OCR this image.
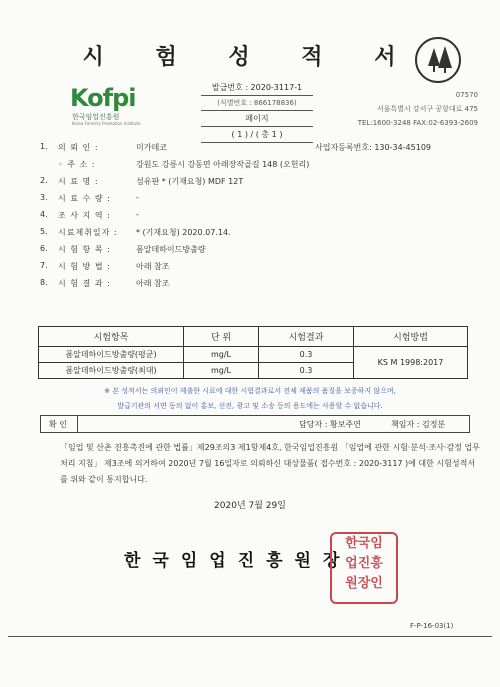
시 험 성 적 서
Kofpi
한국임업진흥원
Korea Forestry Promotion Institute
발급번호 : 2020-3117-1
(식별번호 : 866178836)
페이지
( 1 ) / ( 총 1 )
07570
서울특별시 강서구 공항대로 475
TEL:1600-3248 FAX:02-6393-2609
1.	의 뢰 인 :	미가데코	사업자등록번호: 130-34-45109
◦ 주 소 :	강원도 강릉시 강동면 아래장작골길 148 (오헌리)
2.	시 료 명 :	섬유판 * (기재요청) MDF 12T
3.	시 료 수 량 :	-
4.	조 사 지 역 :	-
5.	시료제취일자 :	* (기재요청) 2020.07.14.
6.	시 험 항 목 :	폼알데하이드방출량
7.	시 험 방 법 :	아래 참조
8.	시 험 결 과 :	아래 참조
시험항목	단 위	시험결과	시험방법
폼알데하이드방출량(평균)	mg/L	0.3	KS M 1998:2017
폼알데하이드방출량(최대)	mg/L	0.3	
※ 본 성적서는 의뢰인이 제출한 시료에 대한 시험결과로서 전체 제품의 품질을 보증하지 않으며,
발급기관의 서면 동의 없이 홍보, 선전, 광고 및 소송 등의 용도에는 사용할 수 없습니다.
확 인	담당자 : 황보주연	책임자 : 김정분
「임업 및 산촌 진흥촉진에 관한 법률」제29조의3 제1항제4호, 한국임업진흥원 「임업에 관한 시험·분석·조사·감정 업무처리 지침」 제3조에 의거하여 2020년 7월 16일자로 의뢰하신 대상물품( 접수번호 : 2020-3117 )에 대한 시험성적서를 위와 같이 통지합니다.
2020년 7월 29일
한국임업진흥원장
한국임
업진흥
원장인
F-P-16-03(1)
